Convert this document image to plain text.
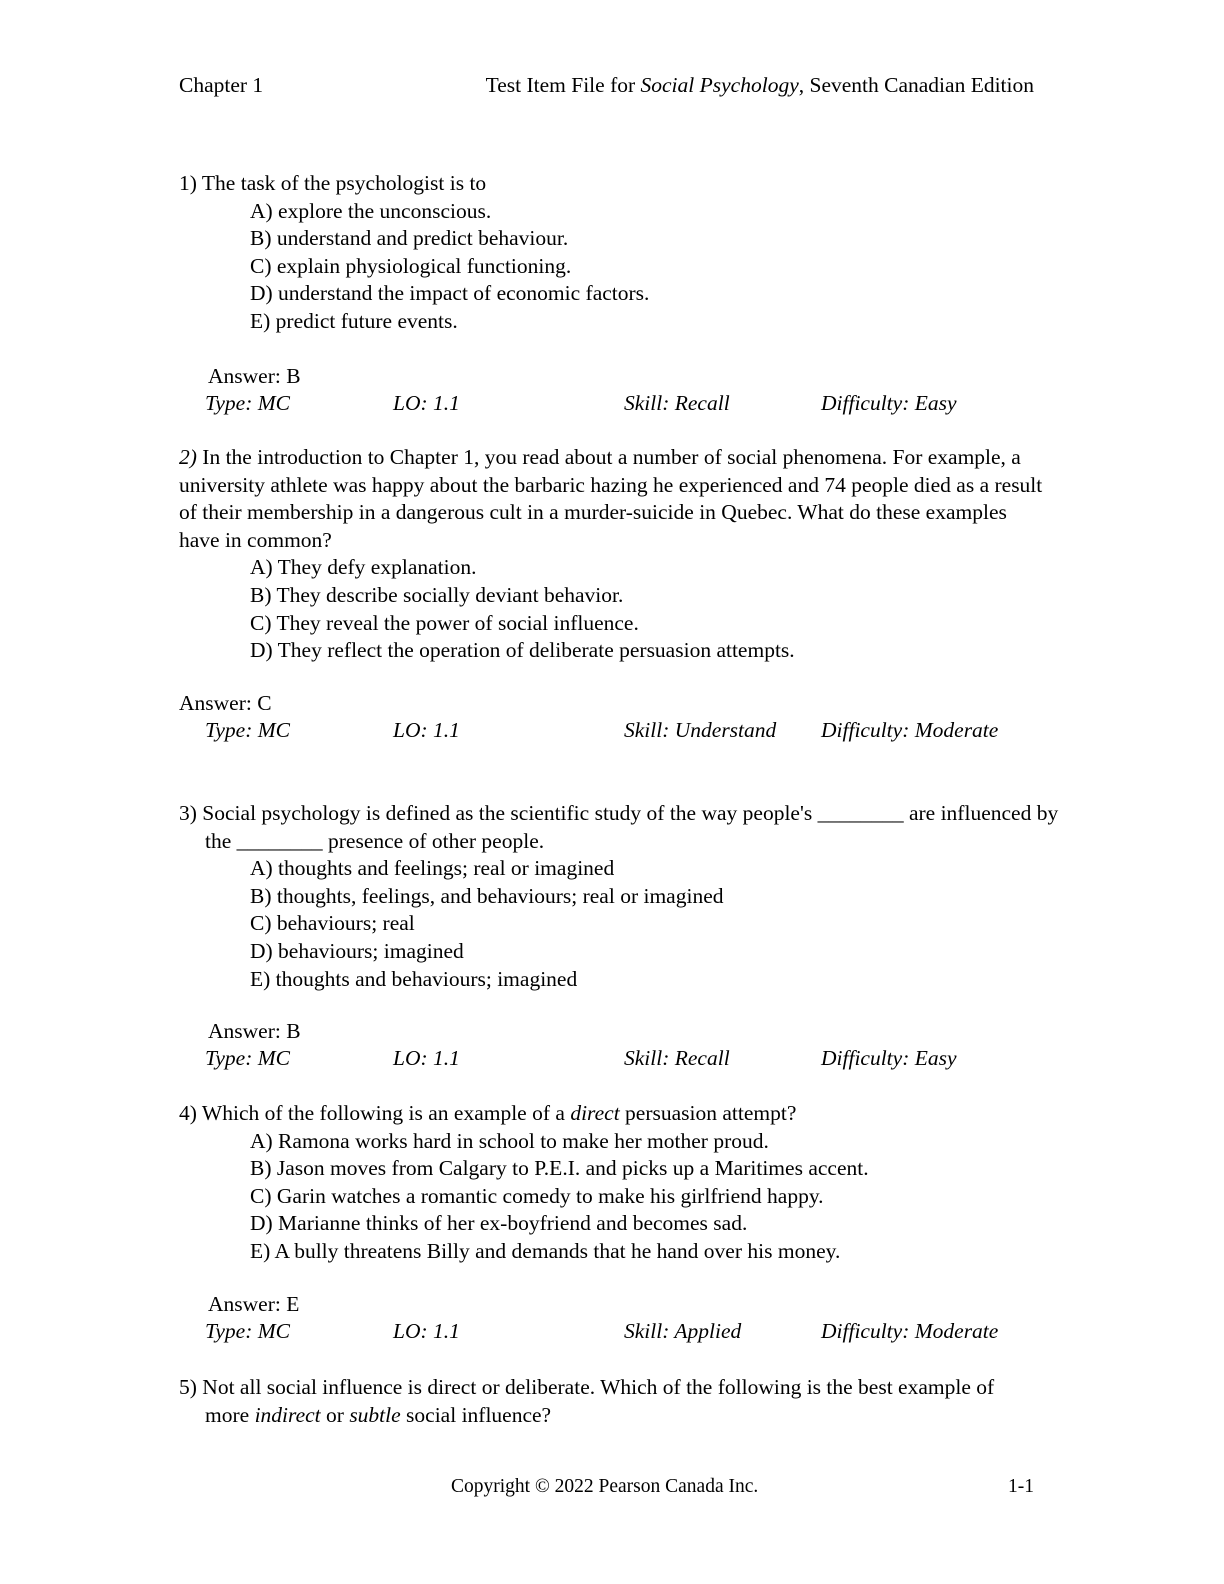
Chapter 1	Test Item File for Social Psychology, Seventh Canadian Edition
1) The task of the psychologist is to
A) explore the unconscious.
B) understand and predict behaviour.
C) explain physiological functioning.
D) understand the impact of economic factors.
E) predict future events.
Answer: B
Type: MC	LO: 1.1	Skill: Recall	Difficulty: Easy
2) In the introduction to Chapter 1, you read about a number of social phenomena. For example, a university athlete was happy about the barbaric hazing he experienced and 74 people died as a result of their membership in a dangerous cult in a murder-suicide in Quebec. What do these examples have in common?
A) They defy explanation.
B) They describe socially deviant behavior.
C) They reveal the power of social influence.
D) They reflect the operation of deliberate persuasion attempts.
Answer: C
Type: MC	LO: 1.1	Skill: Understand Difficulty: Moderate
3) Social psychology is defined as the scientific study of the way people's ________ are influenced by the ________ presence of other people.
A) thoughts and feelings; real or imagined
B) thoughts, feelings, and behaviours; real or imagined
C) behaviours; real
D) behaviours; imagined
E) thoughts and behaviours; imagined
Answer: B
Type: MC	LO: 1.1	Skill: Recall	Difficulty: Easy
4) Which of the following is an example of a direct persuasion attempt?
A) Ramona works hard in school to make her mother proud.
B) Jason moves from Calgary to P.E.I. and picks up a Maritimes accent.
C) Garin watches a romantic comedy to make his girlfriend happy.
D) Marianne thinks of her ex-boyfriend and becomes sad.
E) A bully threatens Billy and demands that he hand over his money.
Answer: E
Type: MC	LO: 1.1	Skill: Applied	Difficulty: Moderate
5) Not all social influence is direct or deliberate. Which of the following is the best example of more indirect or subtle social influence?
Copyright © 2022 Pearson Canada Inc.	1-1
